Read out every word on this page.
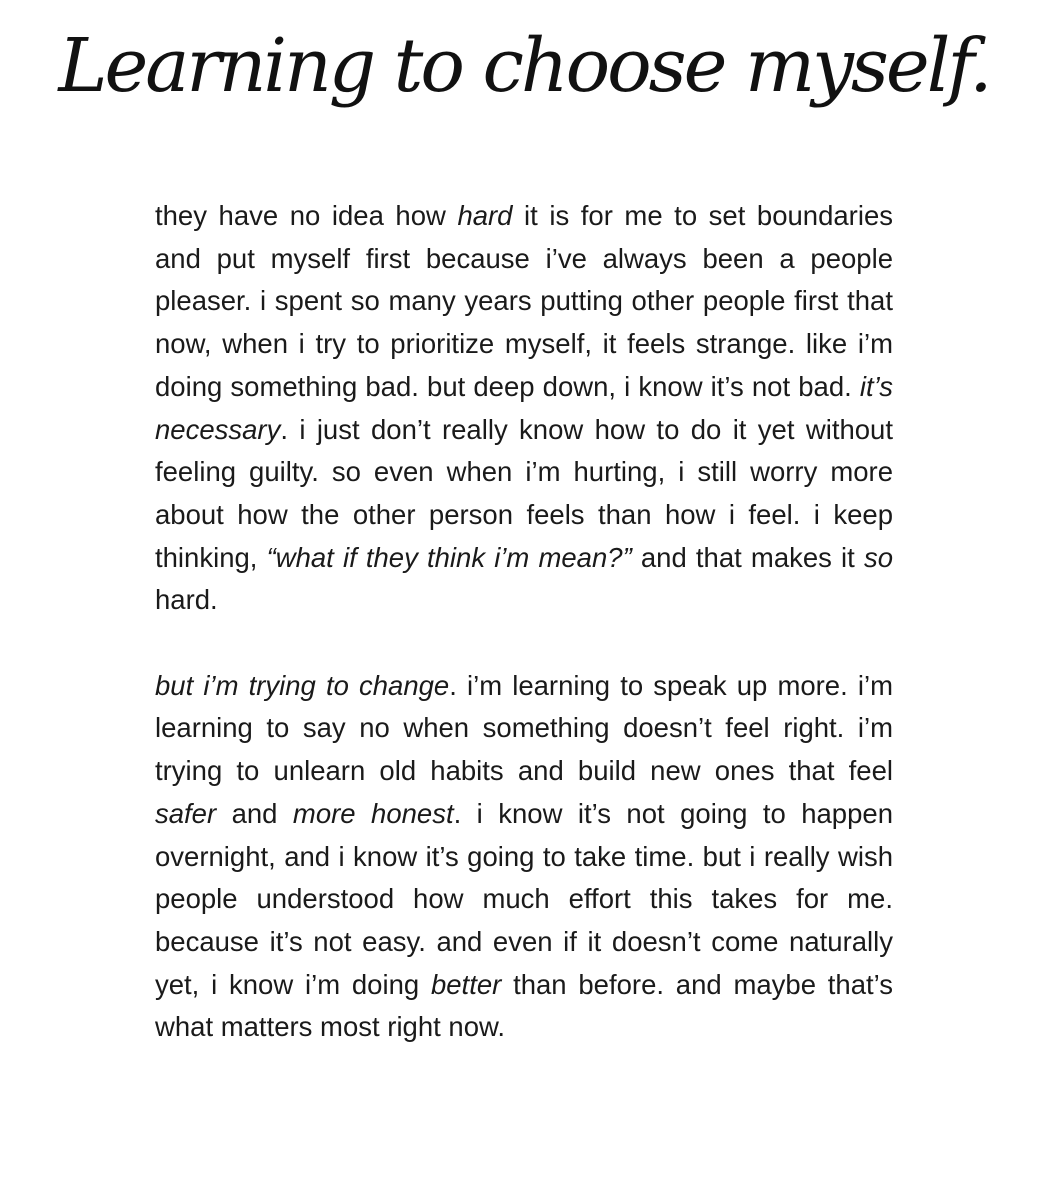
Learning to choose myself.

they have no idea how hard it is for me to set boundaries and put myself first because i’ve always been a people pleaser. i spent so many years putting other people first that now, when i try to prioritize myself, it feels strange. like i’m doing something bad. but deep down, i know it’s not bad. it’s necessary. i just don’t really know how to do it yet without feeling guilty. so even when i’m hurting, i still worry more about how the other person feels than how i feel. i keep thinking, “what if they think i’m mean?” and that makes it so hard.

but i’m trying to change. i’m learning to speak up more. i’m learning to say no when something doesn’t feel right. i’m trying to unlearn old habits and build new ones that feel safer and more honest. i know it’s not going to happen overnight, and i know it’s going to take time. but i really wish people understood how much effort this takes for me. because it’s not easy. and even if it doesn’t come naturally yet, i know i’m doing better than before. and maybe that’s what matters most right now.
